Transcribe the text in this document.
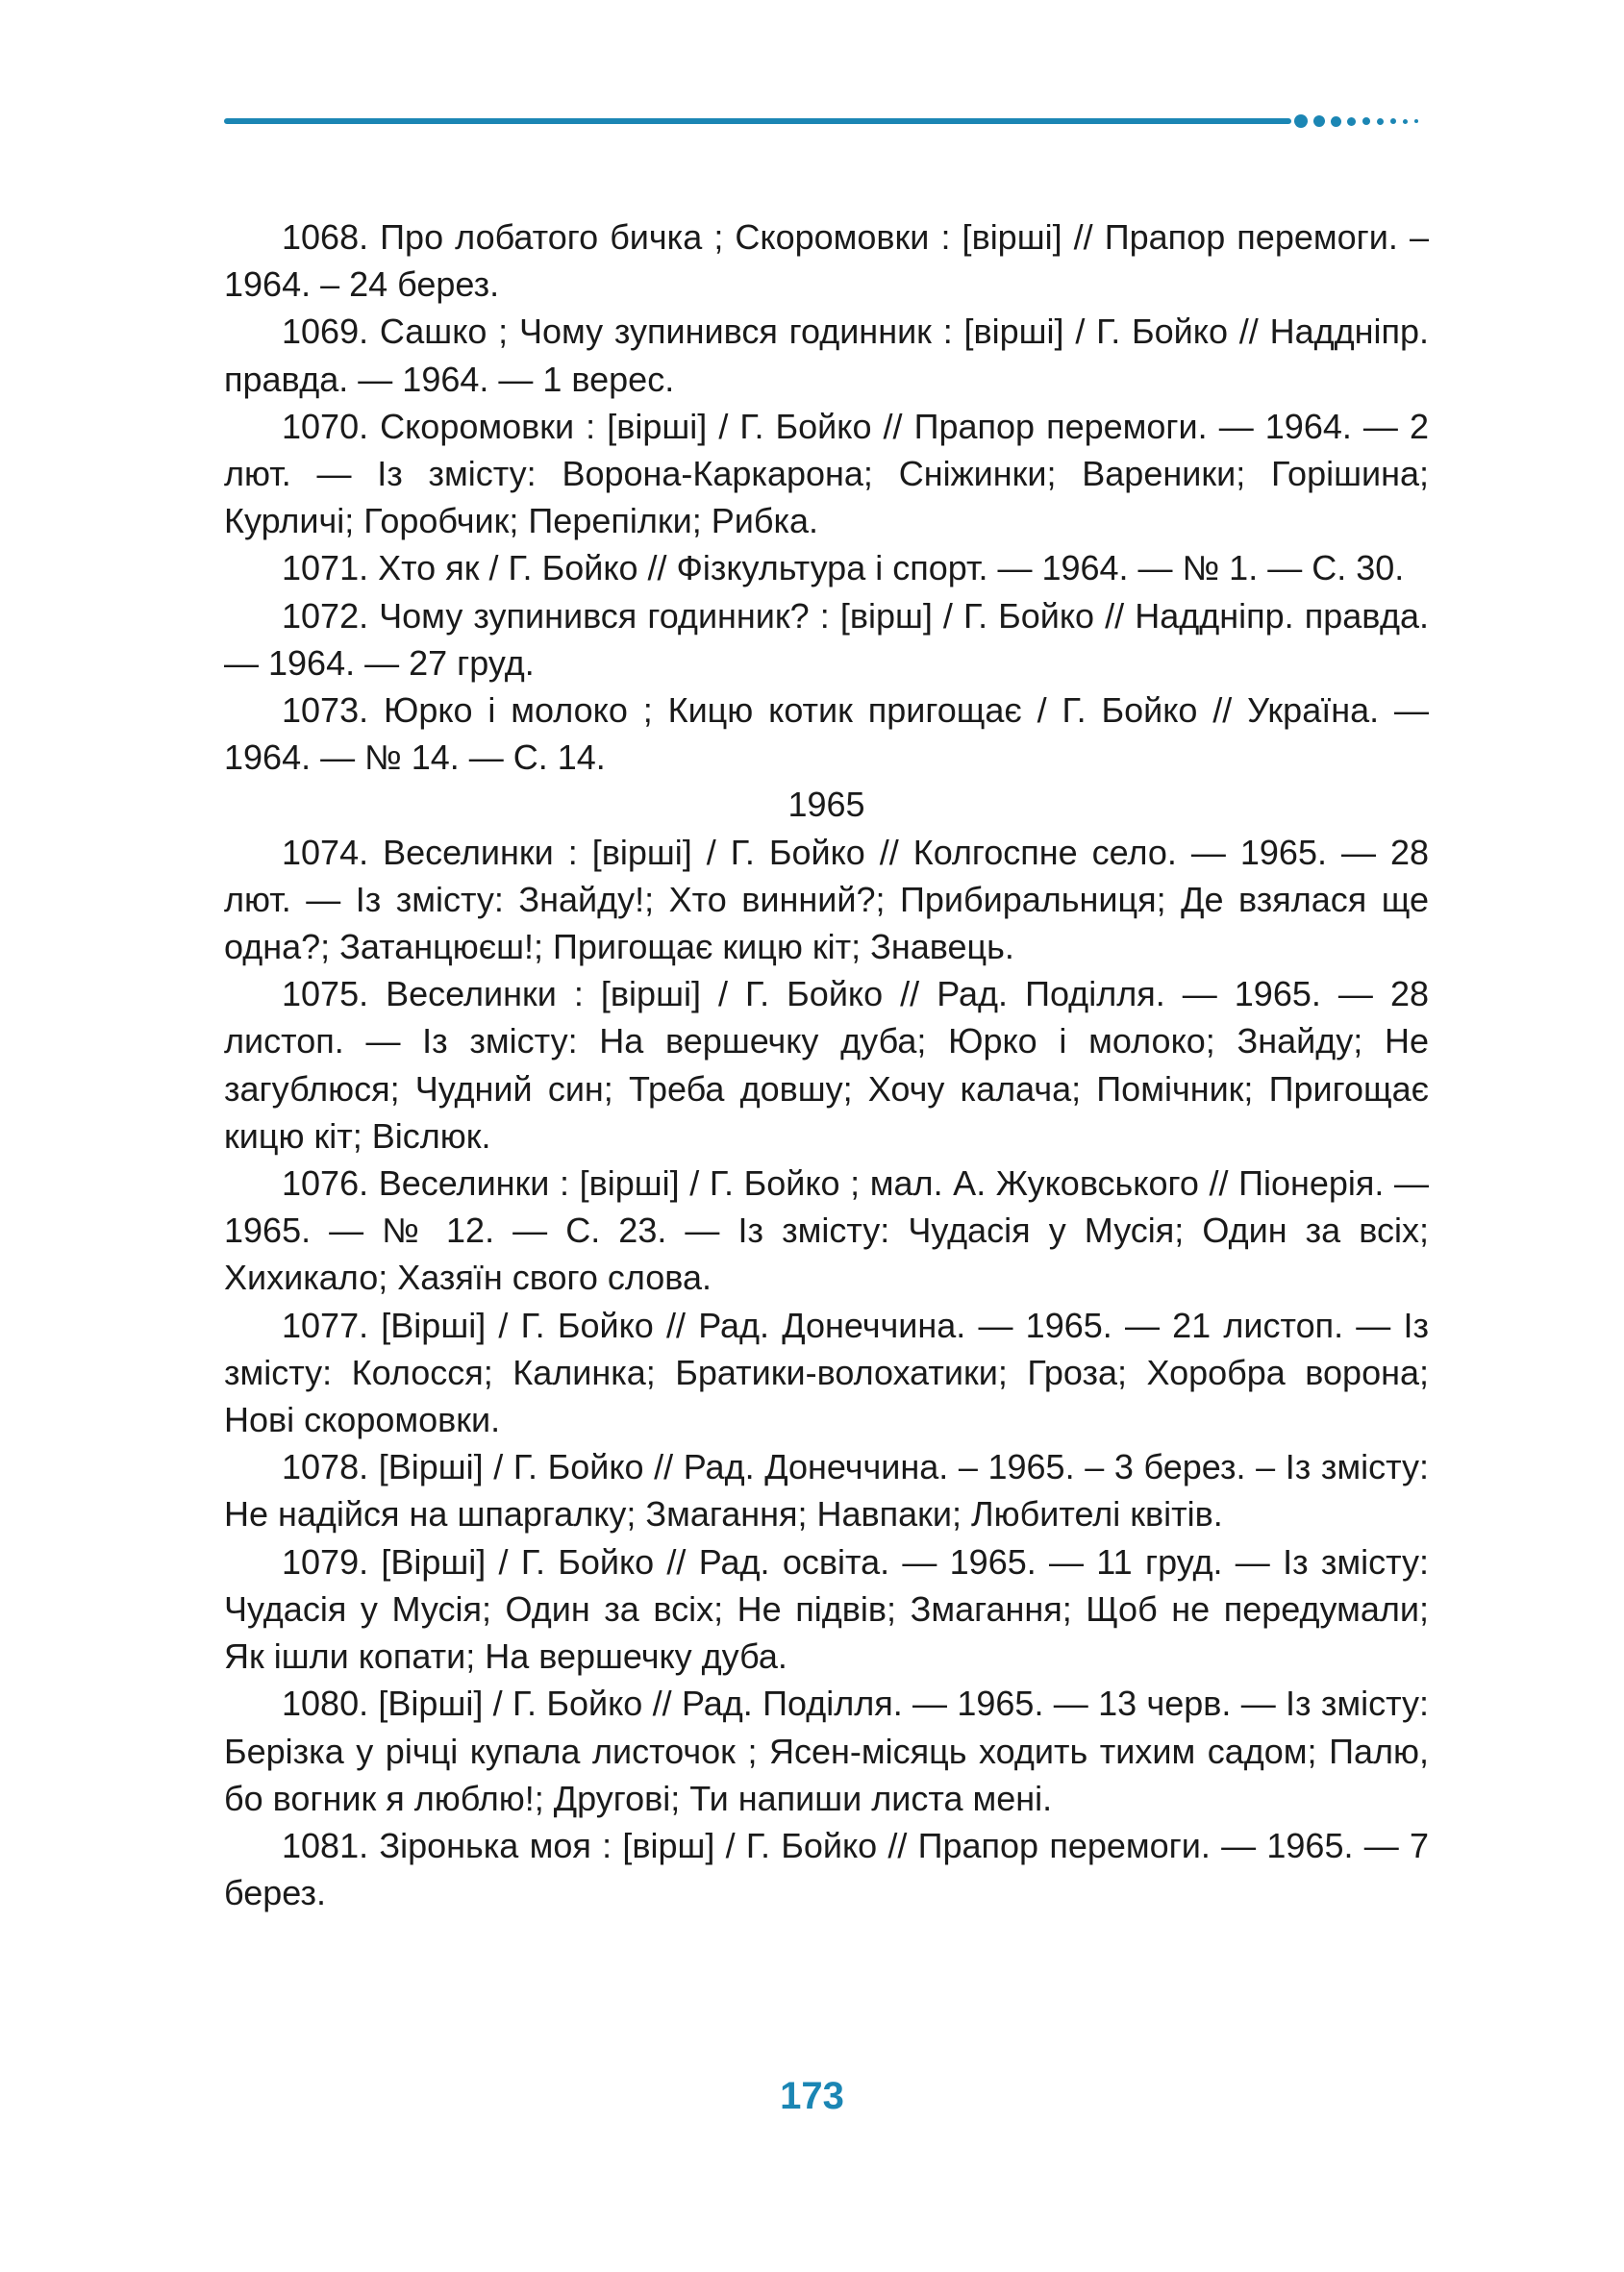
1068. Про лобатого бичка ; Скоромовки : [вірші] // Прапор перемоги. – 1964. – 24 берез.

1069. Сашко ; Чому зупинився годинник : [вірші] / Г. Бойко // Наддніпр. правда. — 1964. — 1 верес.

1070. Скоромовки : [вірші] / Г. Бойко // Прапор перемоги. — 1964. — 2 лют. — Із змісту: Ворона-Каркарона; Сніжинки; Вареники; Горішина; Курличі; Горобчик; Перепілки; Рибка.

1071. Хто як / Г. Бойко // Фізкультура і спорт. — 1964. — № 1. — С. 30.

1072. Чому зупинився годинник? : [вірш] / Г. Бойко // Наддніпр. правда. — 1964. — 27 груд.

1073. Юрко і молоко ; Кицю котик пригощає / Г. Бойко // Україна. — 1964. — № 14. — С. 14.

1965

1074. Веселинки : [вірші] / Г. Бойко // Колгоспне село. — 1965. — 28 лют. — Із змісту: Знайду!; Хто винний?; Прибиральниця; Де взялася ще одна?; Затанцюєш!; Пригощає кицю кіт; Знавець.

1075. Веселинки : [вірші] / Г. Бойко // Рад. Поділля. — 1965. — 28 листоп. — Із змісту: На вершечку дуба; Юрко і молоко; Знайду; Не загублюся; Чудний син; Треба довшу; Хочу калача; Помічник; Пригощає кицю кіт; Віслюк.

1076. Веселинки : [вірші] / Г. Бойко ; мал. А. Жуковського // Піонерія. — 1965. — № 12. — С. 23. — Із змісту: Чудасія у Мусія; Один за всіх; Хихикало; Хазяїн свого слова.

1077. [Вірші] / Г. Бойко // Рад. Донеччина. — 1965. — 21 листоп. — Із змісту: Колосся; Калинка; Братики-волохатики; Гроза; Хоробра ворона; Нові скоромовки.

1078. [Вірші] / Г. Бойко // Рад. Донеччина. – 1965. – 3 берез. – Із змісту: Не надійся на шпаргалку; Змагання; Навпаки; Любителі квітів.

1079. [Вірші] / Г. Бойко // Рад. освіта. — 1965. — 11 груд. — Із змісту: Чудасія у Мусія; Один за всіх; Не підвів; Змагання; Щоб не передумали; Як ішли копати; На вершечку дуба.

1080. [Вірші] / Г. Бойко // Рад. Поділля. — 1965. — 13 черв. — Із змісту: Берізка у річці купала листочок ; Ясен-місяць ходить тихим садом; Палю, бо вогник я люблю!; Другові; Ти напиши листа мені.

1081. Зіронька моя : [вірш] / Г. Бойко // Прапор перемоги. — 1965. — 7 берез.

173
